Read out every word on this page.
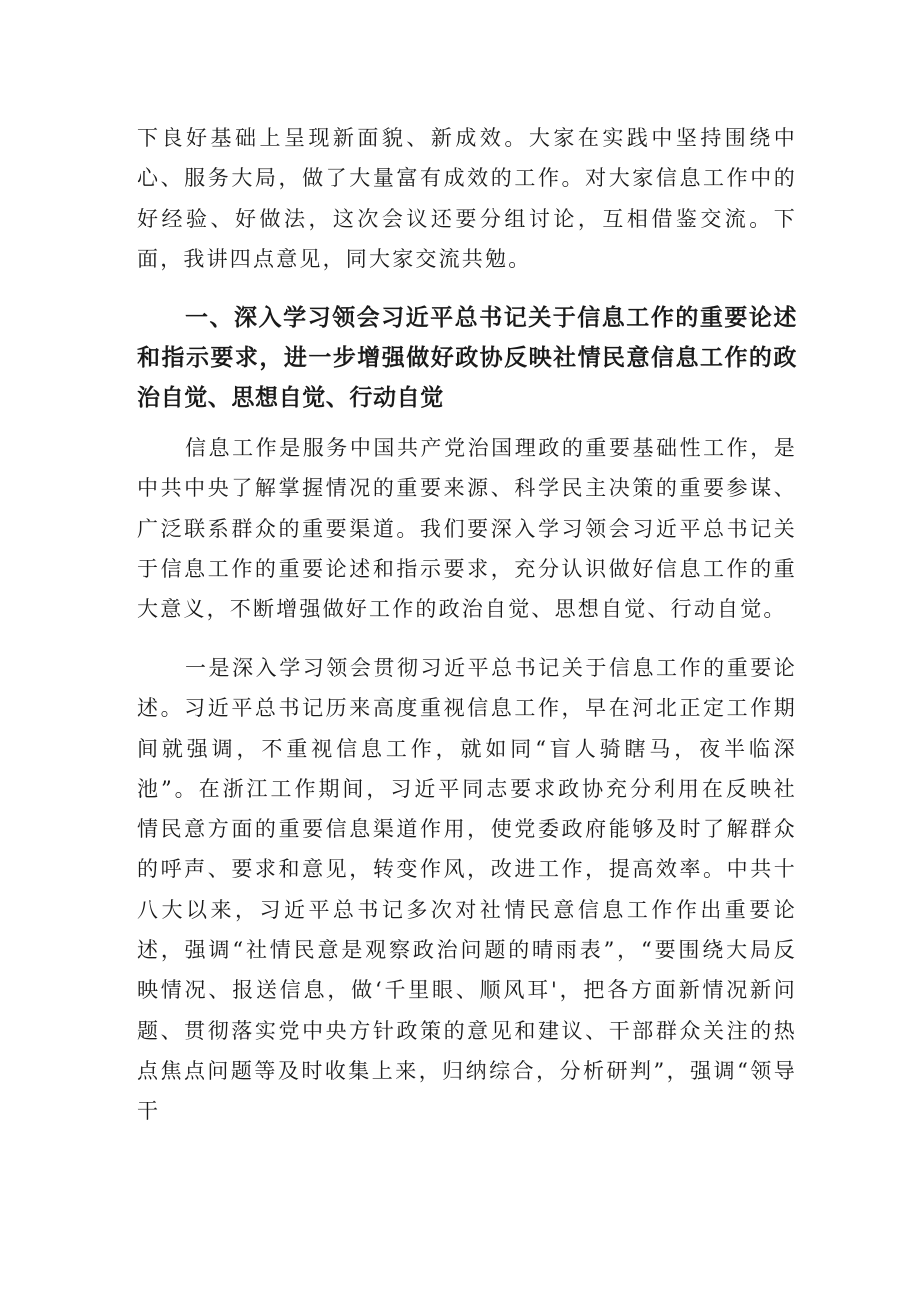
下良好基础上呈现新面貌、新成效。大家在实践中坚持围绕中心、服务大局，做了大量富有成效的工作。对大家信息工作中的好经验、好做法，这次会议还要分组讨论，互相借鉴交流。下面，我讲四点意见，同大家交流共勉。

一、深入学习领会习近平总书记关于信息工作的重要论述和指示要求，进一步增强做好政协反映社情民意信息工作的政治自觉、思想自觉、行动自觉

信息工作是服务中国共产党治国理政的重要基础性工作，是中共中央了解掌握情况的重要来源、科学民主决策的重要参谋、广泛联系群众的重要渠道。我们要深入学习领会习近平总书记关于信息工作的重要论述和指示要求，充分认识做好信息工作的重大意义，不断增强做好工作的政治自觉、思想自觉、行动自觉。

一是深入学习领会贯彻习近平总书记关于信息工作的重要论述。习近平总书记历来高度重视信息工作，早在河北正定工作期间就强调，不重视信息工作，就如同“盲人骑瞎马，夜半临深池”。在浙江工作期间，习近平同志要求政协充分利用在反映社情民意方面的重要信息渠道作用，使党委政府能够及时了解群众的呼声、要求和意见，转变作风，改进工作，提高效率。中共十八大以来，习近平总书记多次对社情民意信息工作作出重要论述，强调“社情民意是观察政治问题的晴雨表”，“要围绕大局反映情况、报送信息，做‘千里眼、顺风耳'，把各方面新情况新问题、贯彻落实党中央方针政策的意见和建议、干部群众关注的热点焦点问题等及时收集上来，归纳综合，分析研判”，强调“领导干
